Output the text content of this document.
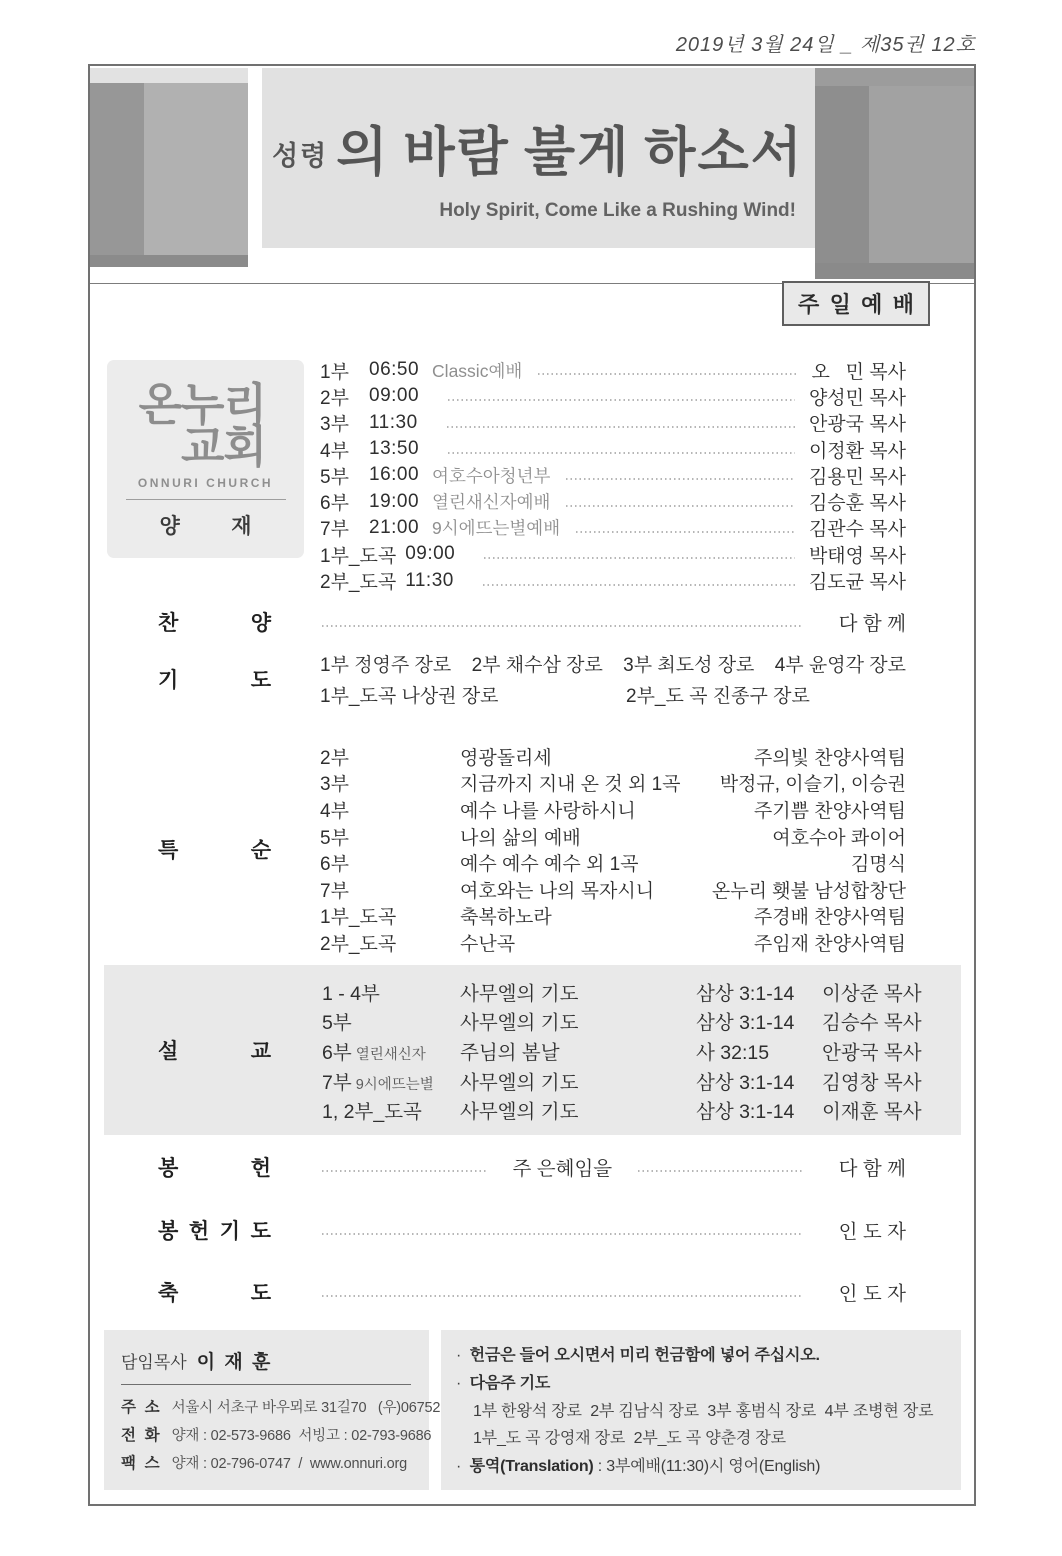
2019년 3월 24일 _ 제35권 12호
성령 의 바람 불게 하소서
Holy Spirit, Come Like a Rushing Wind!
주 일 예 배
온누리
교회
ONNURI CHURCH
양 재
1부	06:50 Classic예배	오   민 목사
2부	09:00	양성민 목사
3부	11:30	안광국 목사
4부	13:50	이정환 목사
5부	16:00 여호수아청년부	김용민 목사
6부	19:00 열린새신자예배	김승훈 목사
7부	21:00 9시에뜨는별예배	김관수 목사
1부_도곡 09:00	박태영 목사
2부_도곡 11:30	김도균 목사
찬	양	다 함 께
기	도
1부 정영주 장로 2부 채수삼 장로 3부 최도성 장로 4부 윤영각 장로
1부_도곡 나상권 장로	2부_도 곡 진종구 장로
특	순
2부	영광돌리세	주의빛 찬양사역팀
3부	지금까지 지내 온 것 외 1곡	박정규, 이슬기, 이승권
4부	예수 나를 사랑하시니	주기쁨 찬양사역팀
5부	나의 삶의 예배	여호수아 콰이어
6부	예수 예수 예수 외 1곡	김명식
7부	여호와는 나의 목자시니	온누리 횃불 남성합창단
1부_도곡	축복하노라	주경배 찬양사역팀
2부_도곡	수난곡	주임재 찬양사역팀
설	교
1 - 4부	사무엘의 기도	삼상 3:1-14	이상준 목사
5부	사무엘의 기도	삼상 3:1-14	김승수 목사
6부 열린새신자	주님의 봄날	사 32:15	안광국 목사
7부 9시에뜨는별	사무엘의 기도	삼상 3:1-14	김영창 목사
1, 2부_도곡	사무엘의 기도	삼상 3:1-14	이재훈 목사
봉	헌	주 은혜임을	다 함 께
봉 헌 기 도	인 도 자
축	도	인 도 자
담임목사 이 재 훈
주  소 서울시 서초구 바우뫼로 31길70   (우)06752
전  화 양재 : 02-573-9686  서빙고 : 02-793-9686
팩  스 양재 : 02-796-0747  /  www.onnuri.org
·  헌금은 들어 오시면서 미리 헌금함에 넣어 주십시오.
·  다음주 기도
1부 한왕석 장로  2부 김남식 장로  3부 홍범식 장로  4부 조병현 장로
1부_도 곡 강영재 장로  2부_도 곡 양춘경 장로
·  통역(Translation) : 3부예배(11:30)시 영어(English)
